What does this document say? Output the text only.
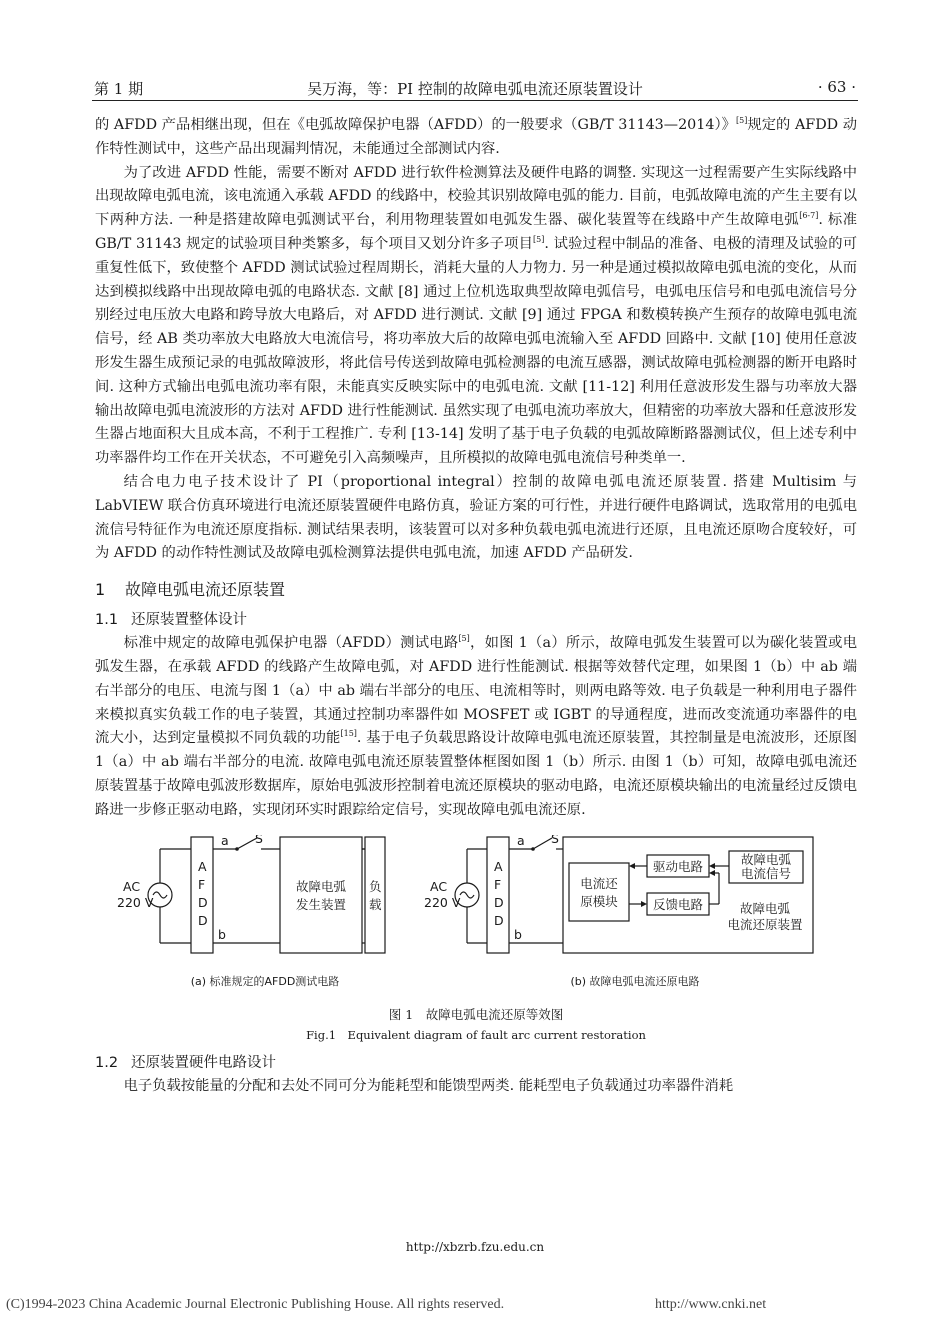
第 1 期	吴万海，等：PI 控制的故障电弧电流还原装置设计	· 63 ·

的 AFDD 产品相继出现，但在《电弧故障保护电器（AFDD）的一般要求（GB/T 31143—2014）》[5]规定的 AFDD 动作特性测试中，这些产品出现漏判情况，未能通过全部测试内容.

为了改进 AFDD 性能，需要不断对 AFDD 进行软件检测算法及硬件电路的调整. 实现这一过程需要产生实际线路中出现故障电弧电流，该电流通入承载 AFDD 的线路中，校验其识别故障电弧的能力. 目前，电弧故障电流的产生主要有以下两种方法. 一种是搭建故障电弧测试平台，利用物理装置如电弧发生器、碳化装置等在线路中产生故障电弧[6-7]. 标准 GB/T 31143 规定的试验项目种类繁多，每个项目又划分许多子项目[5]. 试验过程中制品的准备、电极的清理及试验的可重复性低下，致使整个 AFDD 测试试验过程周期长，消耗大量的人力物力. 另一种是通过模拟故障电弧电流的变化，从而达到模拟线路中出现故障电弧的电路状态. 文献 [8] 通过上位机选取典型故障电弧信号，电弧电压信号和电弧电流信号分别经过电压放大电路和跨导放大电路后，对 AFDD 进行测试. 文献 [9] 通过 FPGA 和数模转换产生预存的故障电弧电流信号，经 AB 类功率放大电路放大电流信号，将功率放大后的故障电弧电流输入至 AFDD 回路中. 文献 [10] 使用任意波形发生器生成预记录的电弧故障波形，将此信号传送到故障电弧检测器的电流互感器，测试故障电弧检测器的断开电路时间. 这种方式输出电弧电流功率有限，未能真实反映实际中的电弧电流. 文献 [11-12] 利用任意波形发生器与功率放大器输出故障电弧电流波形的方法对 AFDD 进行性能测试. 虽然实现了电弧电流功率放大，但精密的功率放大器和任意波形发生器占地面积大且成本高，不利于工程推广. 专利 [13-14] 发明了基于电子负载的电弧故障断路器测试仪，但上述专利中功率器件均工作在开关状态，不可避免引入高频噪声，且所模拟的故障电弧电流信号种类单一.

结合电力电子技术设计了 PI（proportional integral）控制的故障电弧电流还原装置. 搭建 Multisim 与 LabVIEW 联合仿真环境进行电流还原装置硬件电路仿真，验证方案的可行性，并进行硬件电路调试，选取常用的电弧电流信号特征作为电流还原度指标. 测试结果表明，该装置可以对多种负载电弧电流进行还原，且电流还原吻合度较好，可为 AFDD 的动作特性测试及故障电弧检测算法提供电弧电流，加速 AFDD 产品研发.

1 故障电弧电流还原装置
1.1 还原装置整体设计

标准中规定的故障电弧保护电器（AFDD）测试电路[5]，如图 1（a）所示，故障电弧发生装置可以为碳化装置或电弧发生器，在承载 AFDD 的线路产生故障电弧，对 AFDD 进行性能测试. 根据等效替代定理，如果图 1（b）中 ab 端右半部分的电压、电流与图 1（a）中 ab 端右半部分的电压、电流相等时，则两电路等效. 电子负载是一种利用电子器件来模拟真实负载工作的电子装置，其通过控制功率器件如 MOSFET 或 IGBT 的导通程度，进而改变流通功率器件的电流大小，达到定量模拟不同负载的功能[15]. 基于电子负载思路设计故障电弧电流还原装置，其控制量是电流波形，还原图 1（a）中 ab 端右半部分的电流. 故障电弧电流还原装置整体框图如图 1（b）所示. 由图 1（b）可知，故障电弧电流还原装置基于故障电弧波形数据库，原始电弧波形控制着电流还原模块的驱动电路，电流还原模块输出的电流量经过反馈电路进一步修正驱动电路，实现闭环实时跟踪给定信号，实现故障电弧电流还原.

AC
220 V
A
F
D
D
a
b
S
故障电弧
发生装置
负
载
AC
220 V
A
F
D
D
a
b
S
电流还
原模块
驱动电路
反馈电路
故障电弧
电流信号
故障电弧
电流还原装置
(a) 标准规定的AFDD测试电路	(b) 故障电弧电流还原电路
图 1　故障电弧电流还原等效图
Fig.1　Equivalent diagram of fault arc current restoration
1.2 还原装置硬件电路设计

电子负载按能量的分配和去处不同可分为能耗型和能馈型两类. 能耗型电子负载通过功率器件消耗

http://xbzrb.fzu.edu.cn
(C)1994-2023 China Academic Journal Electronic Publishing House. All rights reserved.	http://www.cnki.net
